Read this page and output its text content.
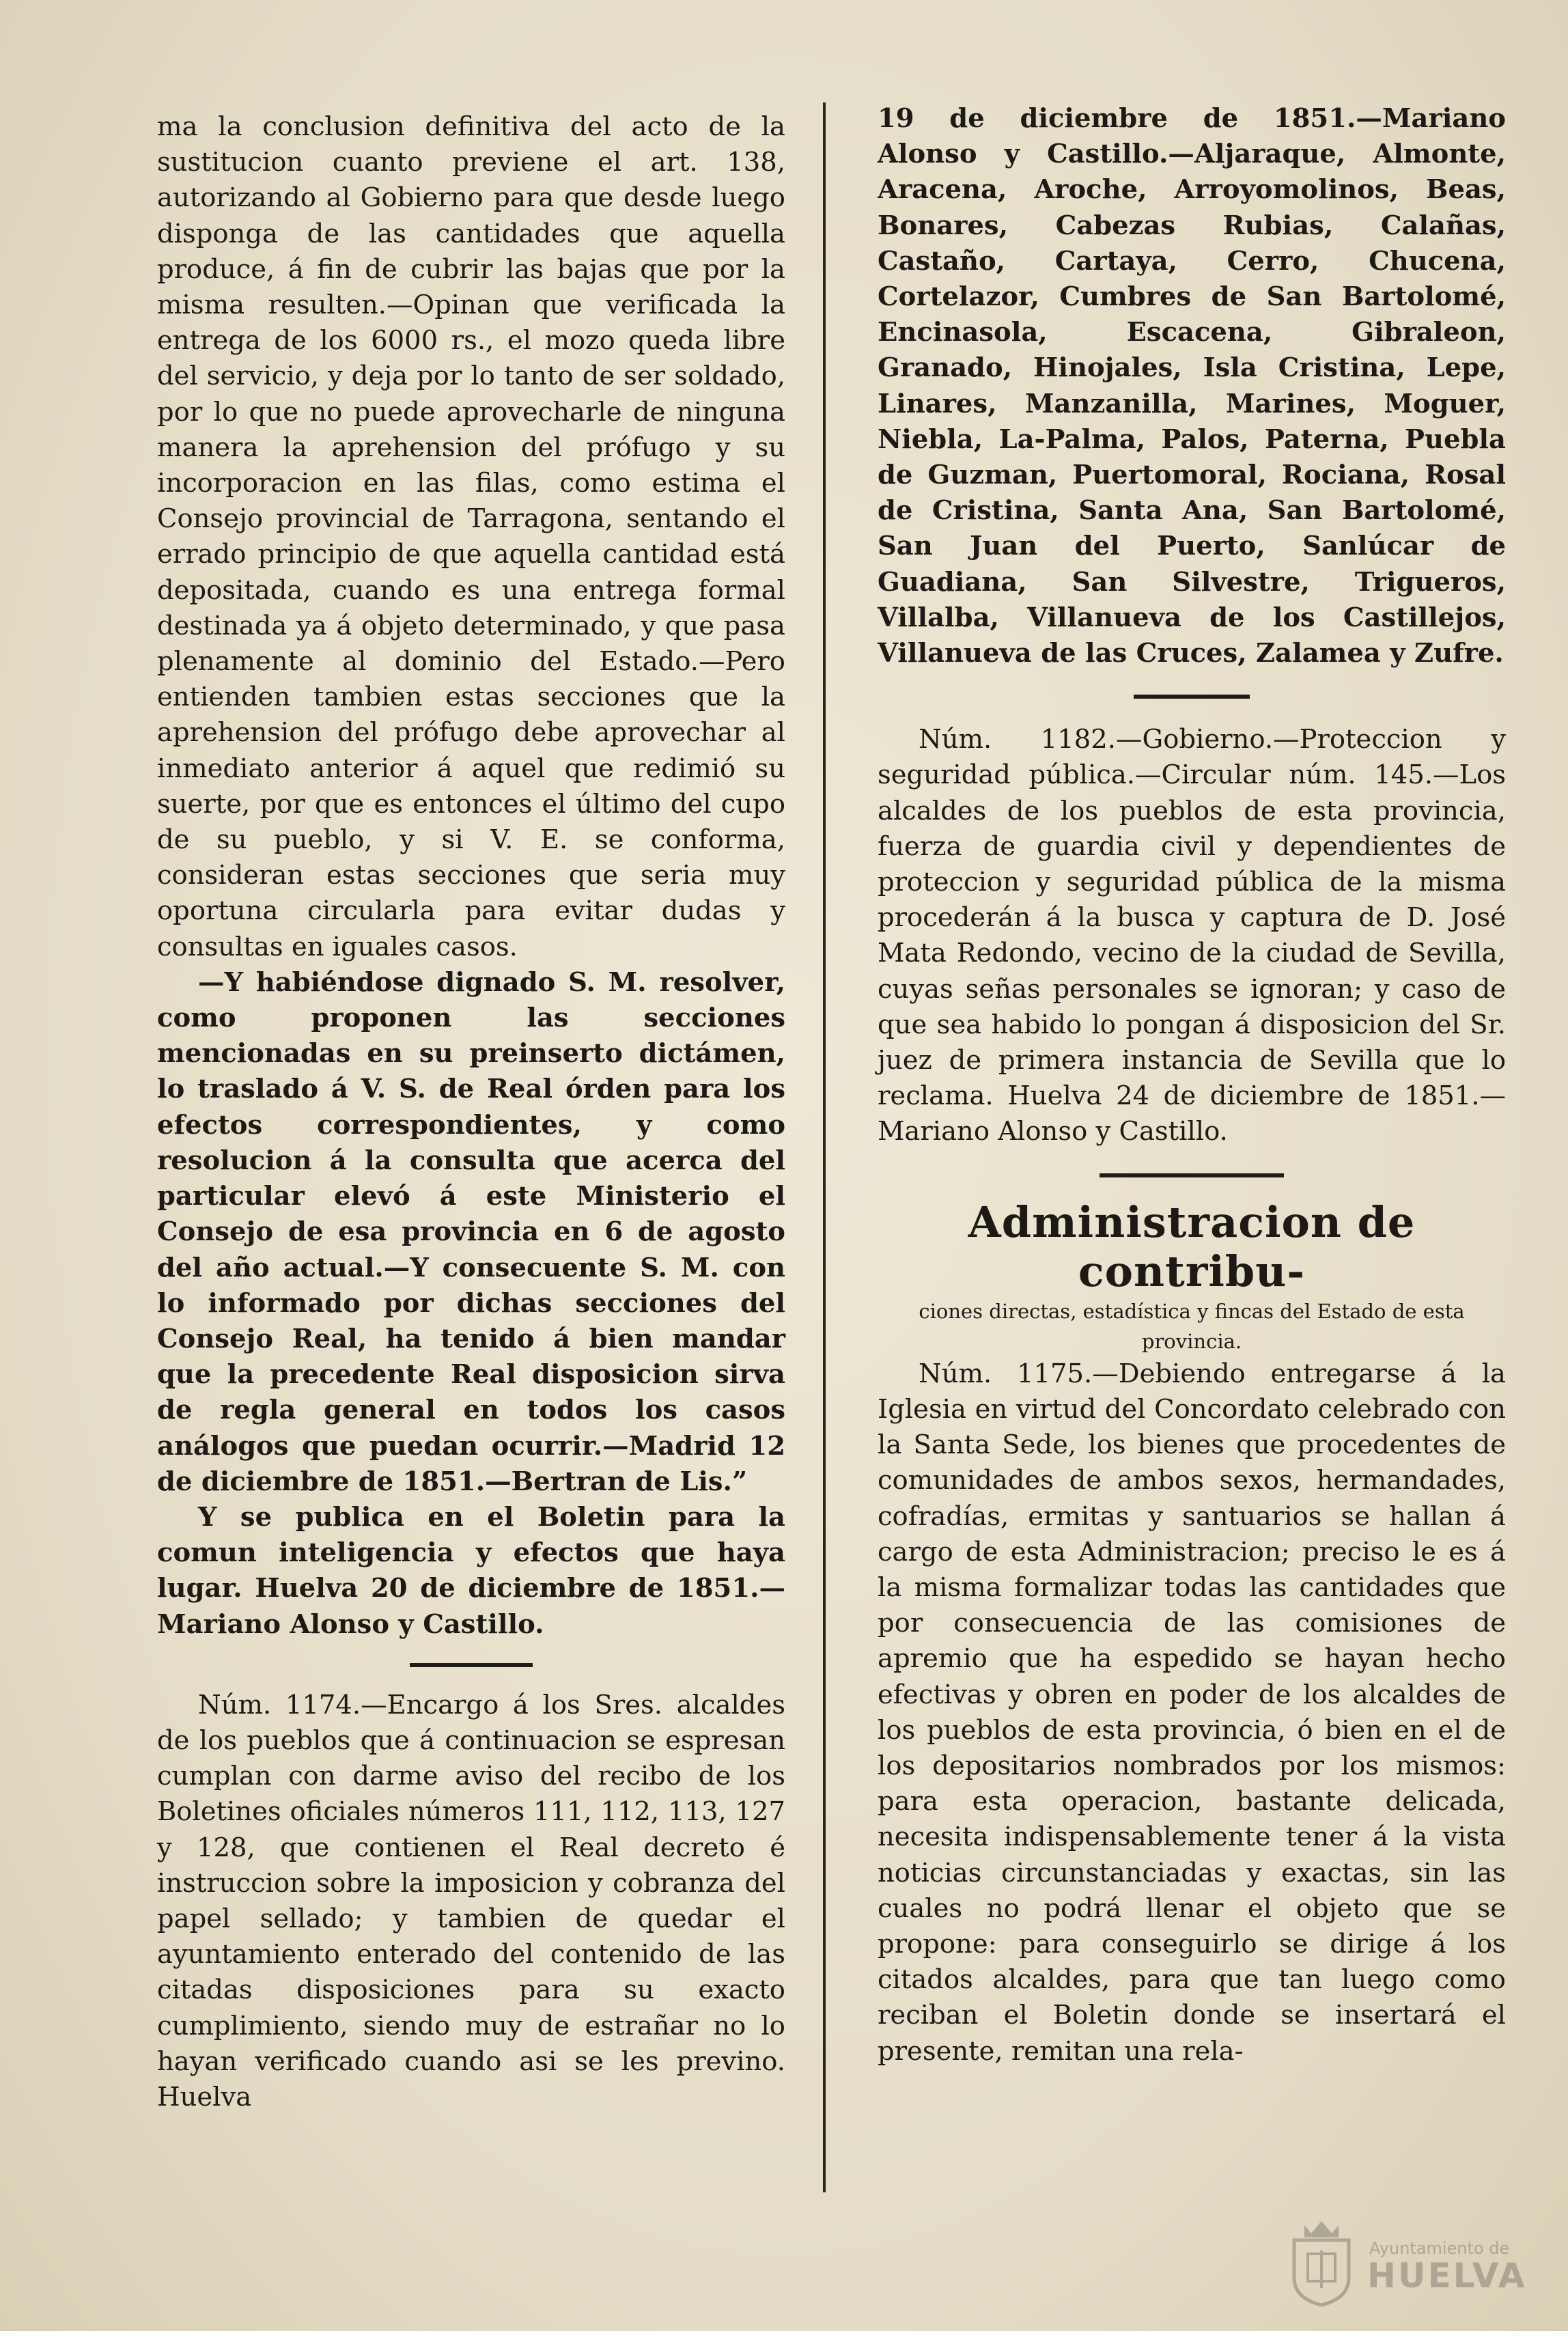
ma la conclusion definitiva del acto de la sustitucion cuanto previene el art. 138, autorizando al Gobierno para que desde luego disponga de las cantidades que aquella produce, á fin de cubrir las bajas que por la misma resulten.—Opinan que verificada la entrega de los 6000 rs., el mozo queda libre del servicio, y deja por lo tanto de ser soldado, por lo que no puede aprovecharle de ninguna manera la aprehension del prófugo y su incorporacion en las filas, como estima el Consejo provincial de Tarragona, sentando el errado principio de que aquella cantidad está depositada, cuando es una entrega formal destinada ya á objeto determinado, y que pasa plenamente al dominio del Estado.—Pero entienden tambien estas secciones que la aprehension del prófugo debe aprovechar al inmediato anterior á aquel que redimió su suerte, por que es entonces el último del cupo de su pueblo, y si V. E. se conforma, consideran estas secciones que seria muy oportuna circularla para evitar dudas y consultas en iguales casos.

—Y habiéndose dignado S. M. resolver, como proponen las secciones mencionadas en su preinserto dictámen, lo traslado á V. S. de Real órden para los efectos correspondientes, y como resolucion á la consulta que acerca del particular elevó á este Ministerio el Consejo de esa provincia en 6 de agosto del año actual.—Y consecuente S. M. con lo informado por dichas secciones del Consejo Real, ha tenido á bien mandar que la precedente Real disposicion sirva de regla general en todos los casos análogos que puedan ocurrir.—Madrid 12 de diciembre de 1851.—Bertran de Lis.”

Y se publica en el Boletin para la comun inteligencia y efectos que haya lugar. Huelva 20 de diciembre de 1851.—Mariano Alonso y Castillo.

Núm. 1174.—Encargo á los Sres. alcaldes de los pueblos que á continuacion se espresan cumplan con darme aviso del recibo de los Boletines oficiales números 111, 112, 113, 127 y 128, que contienen el Real decreto é instruccion sobre la imposicion y cobranza del papel sellado; y tambien de quedar el ayuntamiento enterado del contenido de las citadas disposiciones para su exacto cumplimiento, siendo muy de estrañar no lo hayan verificado cuando asi se les previno. Huelva

19 de diciembre de 1851.—Mariano Alonso y Castillo.—Aljaraque, Almonte, Aracena, Aroche, Arroyomolinos, Beas, Bonares, Cabezas Rubias, Calañas, Castaño, Cartaya, Cerro, Chucena, Cortelazor, Cumbres de San Bartolomé, Encinasola, Escacena, Gibraleon, Granado, Hinojales, Isla Cristina, Lepe, Linares, Manzanilla, Marines, Moguer, Niebla, La-Palma, Palos, Paterna, Puebla de Guzman, Puertomoral, Rociana, Rosal de Cristina, Santa Ana, San Bartolomé, San Juan del Puerto, Sanlúcar de Guadiana, San Silvestre, Trigueros, Villalba, Villanueva de los Castillejos, Villanueva de las Cruces, Zalamea y Zufre.

Núm. 1182.—Gobierno.—Proteccion y seguridad pública.—Circular núm. 145.—Los alcaldes de los pueblos de esta provincia, fuerza de guardia civil y dependientes de proteccion y seguridad pública de la misma procederán á la busca y captura de D. José Mata Redondo, vecino de la ciudad de Sevilla, cuyas señas personales se ignoran; y caso de que sea habido lo pongan á disposicion del Sr. juez de primera instancia de Sevilla que lo reclama. Huelva 24 de diciembre de 1851.—Mariano Alonso y Castillo.

Administracion de contribu-

ciones directas, estadística y fincas del Estado de esta provincia.

Núm. 1175.—Debiendo entregarse á la Iglesia en virtud del Concordato celebrado con la Santa Sede, los bienes que procedentes de comunidades de ambos sexos, hermandades, cofradías, ermitas y santuarios se hallan á cargo de esta Administracion; preciso le es á la misma formalizar todas las cantidades que por consecuencia de las comisiones de apremio que ha espedido se hayan hecho efectivas y obren en poder de los alcaldes de los pueblos de esta provincia, ó bien en el de los depositarios nombrados por los mismos: para esta operacion, bastante delicada, necesita indispensablemente tener á la vista noticias circunstanciadas y exactas, sin las cuales no podrá llenar el objeto que se propone: para conseguirlo se dirige á los citados alcaldes, para que tan luego como reciban el Boletin donde se insertará el presente, remitan una rela-

Ayuntamiento de
HUELVA
